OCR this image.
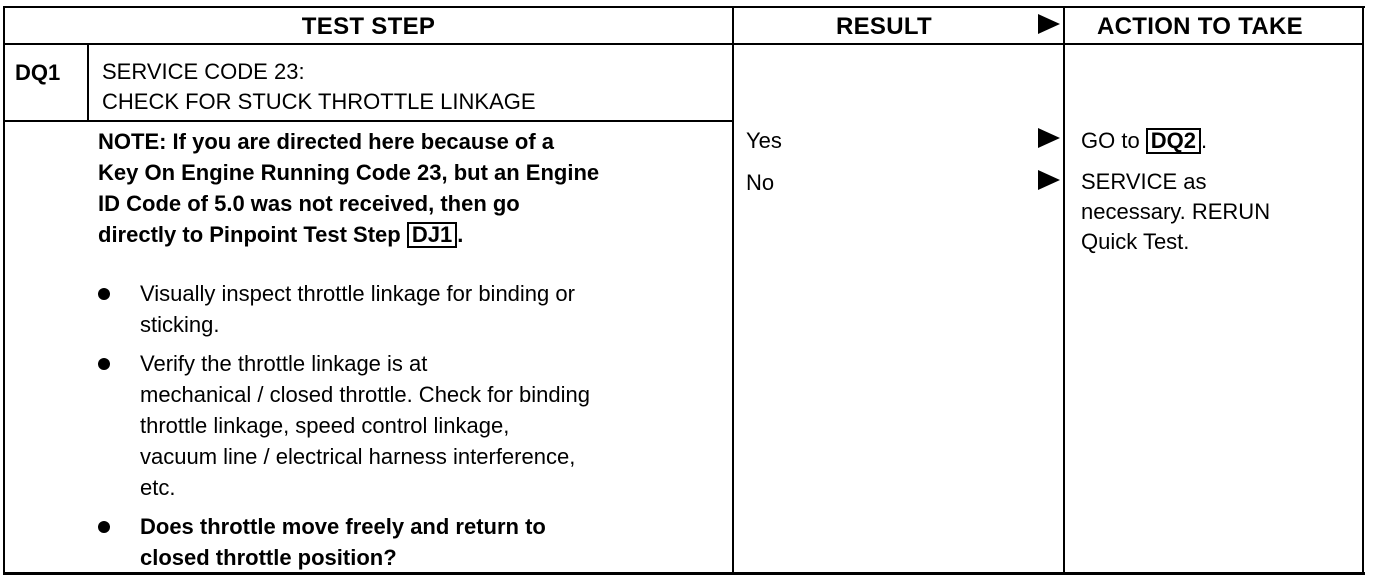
TEST STEP	RESULT	ACTION TO TAKE
DQ1 SERVICE CODE 23:
CHECK FOR STUCK THROTTLE LINKAGE
NOTE: If you are directed here because of a
Key On Engine Running Code 23, but an Engine
ID Code of 5.0 was not received, then go
directly to Pinpoint Test Step DJ1 .
Visually inspect throttle linkage for binding or
sticking.
Verify the throttle linkage is at
mechanical / closed throttle. Check for binding
throttle linkage, speed control linkage,
vacuum line / electrical harness interference,
etc.
Does throttle move freely and return to
closed throttle position?
Yes
No
GO to DQ2 .
SERVICE as
necessary. RERUN
Quick Test.
